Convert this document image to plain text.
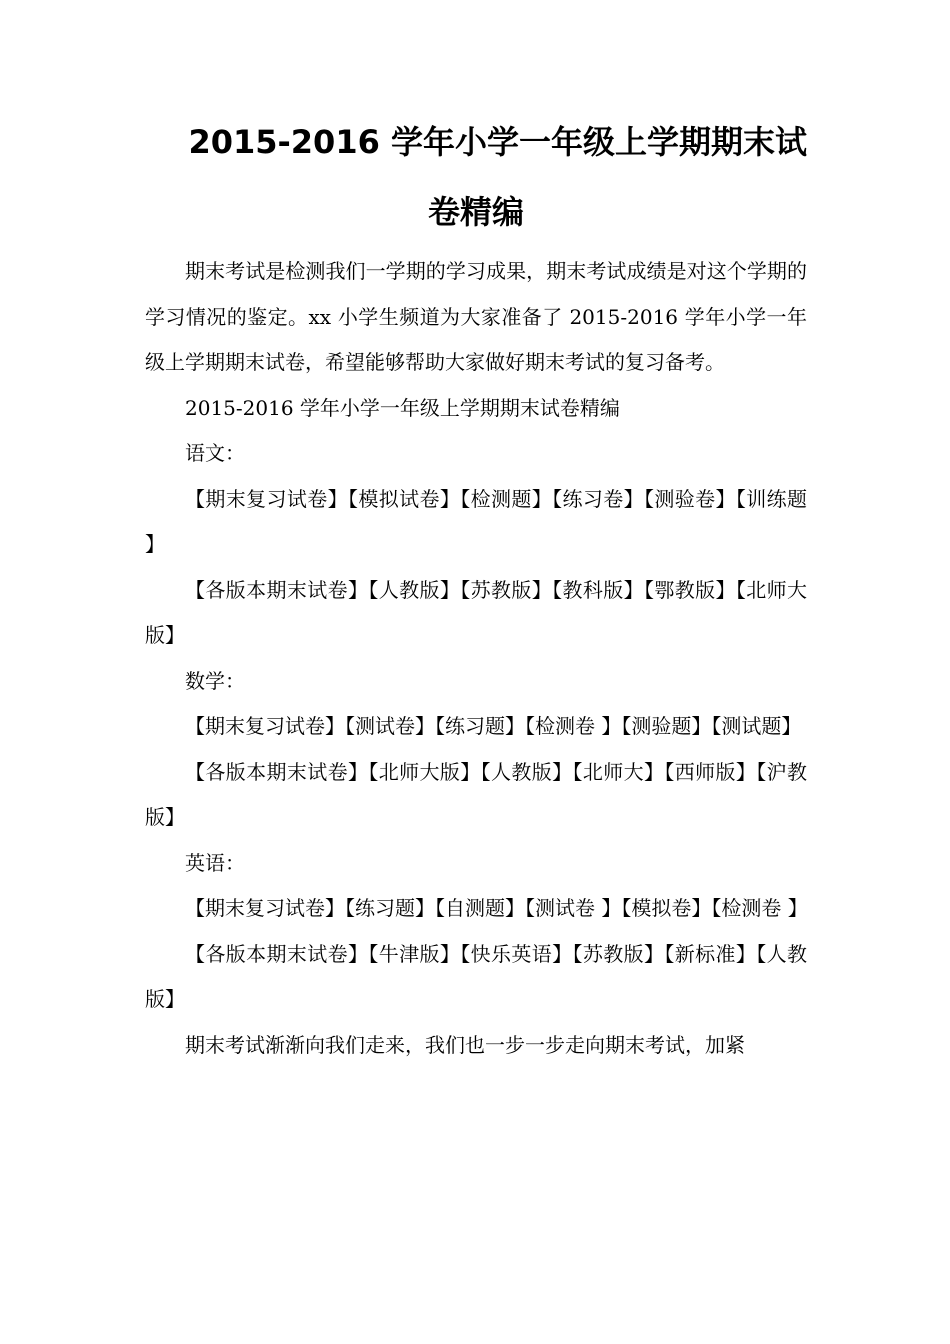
2015-2016 学年小学一年级上学期期末试
卷精编

期末考试是检测我们一学期的学习成果，期末考试成绩是对这个学期的学习情况的鉴定。xx 小学生频道为大家准备了 2015-2016 学年小学一年级上学期期末试卷，希望能够帮助大家做好期末考试的复习备考。

2015-2016 学年小学一年级上学期期末试卷精编

语文：

【期末复习试卷】【模拟试卷】【检测题】【练习卷】【测验卷】【训练题 】

【各版本期末试卷】【人教版】【苏教版】【教科版】【鄂教版】【北师大版】

数学：

【期末复习试卷】【测试卷】【练习题】【检测卷 】【测验题】【测试题】

【各版本期末试卷】【北师大版】【人教版】【北师大】【西师版】【沪教版】

英语：

【期末复习试卷】【练习题】【自测题】【测试卷 】【模拟卷】【检测卷 】

【各版本期末试卷】【牛津版】【快乐英语】【苏教版】【新标准】【人教版】

期末考试渐渐向我们走来，我们也一步一步走向期末考试，加紧
